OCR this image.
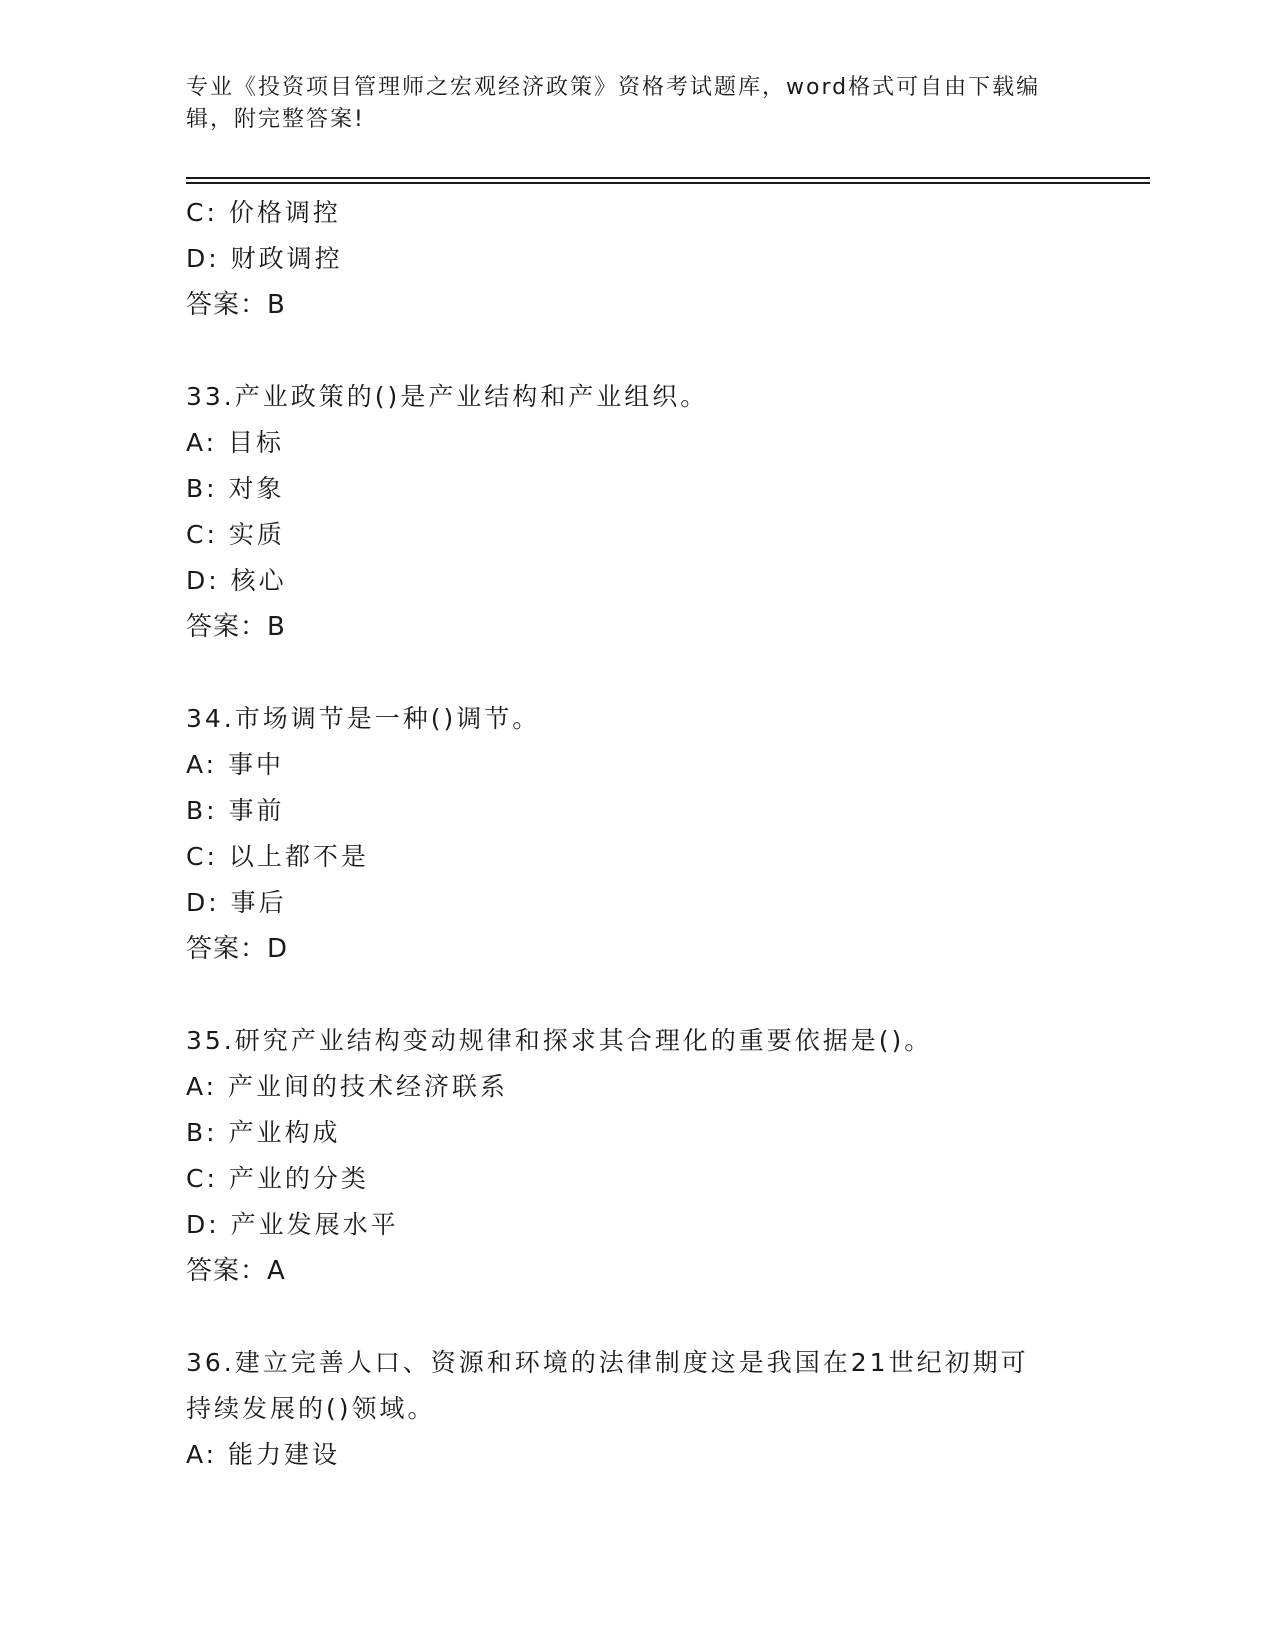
专业《投资项目管理师之宏观经济政策》资格考试题库，word格式可自由下载编
辑，附完整答案!
C: 价格调控
D: 财政调控
答案：B
33.产业政策的()是产业结构和产业组织。
A: 目标
B: 对象
C: 实质
D: 核心
答案：B
34.市场调节是一种()调节。
A: 事中
B: 事前
C: 以上都不是
D: 事后
答案：D
35.研究产业结构变动规律和探求其合理化的重要依据是()。
A: 产业间的技术经济联系
B: 产业构成
C: 产业的分类
D: 产业发展水平
答案：A
36.建立完善人口、资源和环境的法律制度这是我国在21世纪初期可
持续发展的()领域。
A: 能力建设
